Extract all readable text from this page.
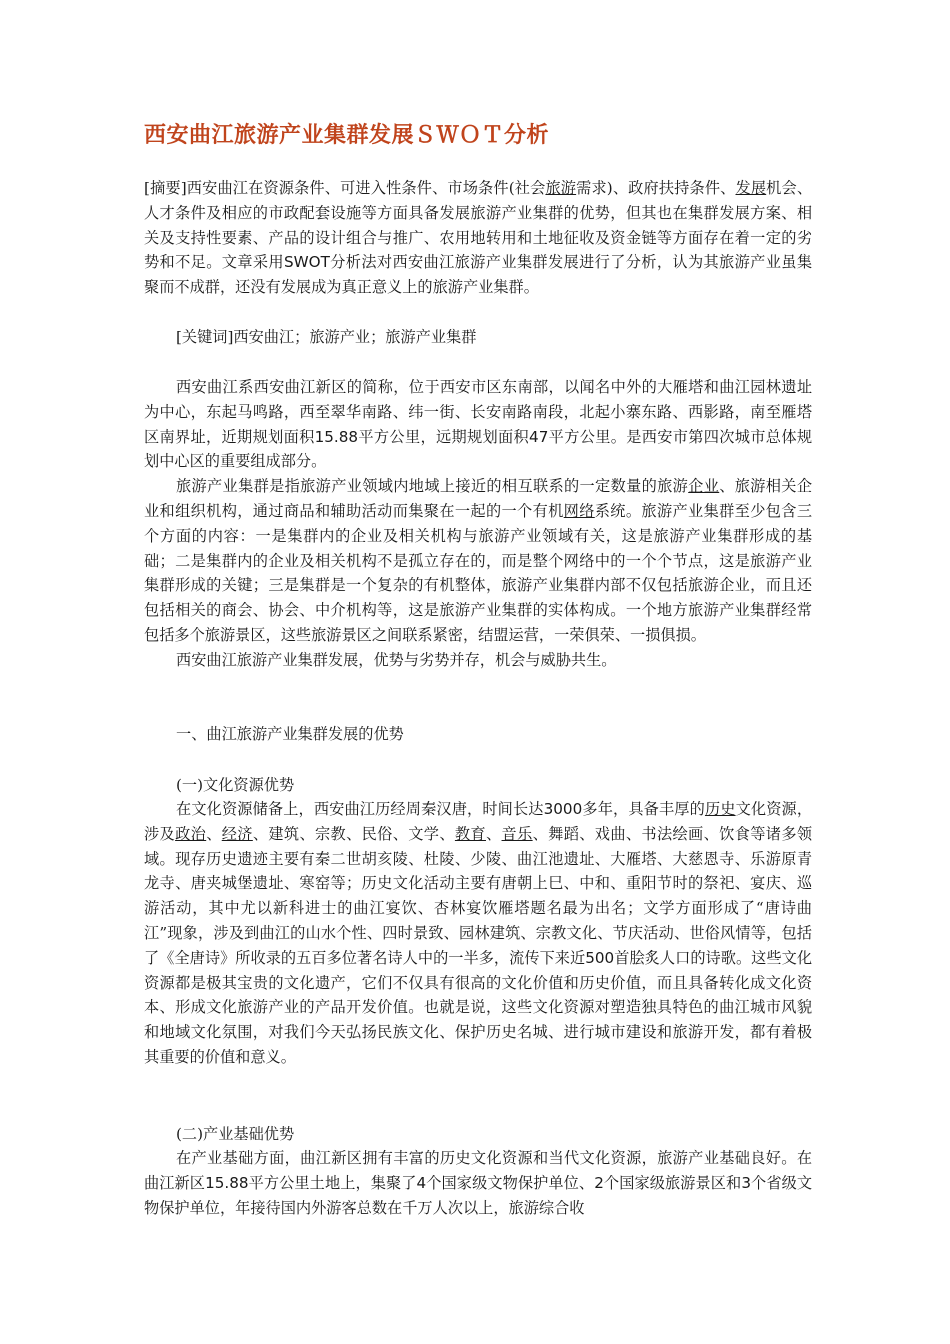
西安曲江旅游产业集群发展ＳＷＯＴ分析

[摘要]西安曲江在资源条件、可进入性条件、市场条件(社会旅游需求)、政府扶持条件、发展机会、人才条件及相应的市政配套设施等方面具备发展旅游产业集群的优势，但其也在集群发展方案、相关及支持性要素、产品的设计组合与推广、农用地转用和土地征收及资金链等方面存在着一定的劣势和不足。文章采用SWOT分析法对西安曲江旅游产业集群发展进行了分析，认为其旅游产业虽集聚而不成群，还没有发展成为真正意义上的旅游产业集群。

[关键词]西安曲江；旅游产业；旅游产业集群

西安曲江系西安曲江新区的简称，位于西安市区东南部，以闻名中外的大雁塔和曲江园林遗址为中心，东起马鸣路，西至翠华南路、纬一街、长安南路南段，北起小寨东路、西影路，南至雁塔区南界址，近期规划面积15.88平方公里，远期规划面积47平方公里。是西安市第四次城市总体规划中心区的重要组成部分。

旅游产业集群是指旅游产业领域内地域上接近的相互联系的一定数量的旅游企业、旅游相关企业和组织机构，通过商品和辅助活动而集聚在一起的一个有机网络系统。旅游产业集群至少包含三个方面的内容：一是集群内的企业及相关机构与旅游产业领域有关，这是旅游产业集群形成的基础；二是集群内的企业及相关机构不是孤立存在的，而是整个网络中的一个个节点，这是旅游产业集群形成的关键；三是集群是一个复杂的有机整体，旅游产业集群内部不仅包括旅游企业，而且还包括相关的商会、协会、中介机构等，这是旅游产业集群的实体构成。一个地方旅游产业集群经常包括多个旅游景区，这些旅游景区之间联系紧密，结盟运营，一荣俱荣、一损俱损。

西安曲江旅游产业集群发展，优势与劣势并存，机会与威胁共生。

一、曲江旅游产业集群发展的优势

(一)文化资源优势

在文化资源储备上，西安曲江历经周秦汉唐，时间长达3000多年，具备丰厚的历史文化资源，涉及政治、经济、建筑、宗教、民俗、文学、教育、音乐、舞蹈、戏曲、书法绘画、饮食等诸多领域。现存历史遗迹主要有秦二世胡亥陵、杜陵、少陵、曲江池遗址、大雁塔、大慈恩寺、乐游原青龙寺、唐夹城堡遗址、寒窑等；历史文化活动主要有唐朝上巳、中和、重阳节时的祭祀、宴庆、巡游活动，其中尤以新科进士的曲江宴饮、杏林宴饮雁塔题名最为出名；文学方面形成了“唐诗曲江”现象，涉及到曲江的山水个性、四时景致、园林建筑、宗教文化、节庆活动、世俗风情等，包括了《全唐诗》所收录的五百多位著名诗人中的一半多，流传下来近500首脍炙人口的诗歌。这些文化资源都是极其宝贵的文化遗产，它们不仅具有很高的文化价值和历史价值，而且具备转化成文化资本、形成文化旅游产业的产品开发价值。也就是说，这些文化资源对塑造独具特色的曲江城市风貌和地域文化氛围，对我们今天弘扬民族文化、保护历史名城、进行城市建设和旅游开发，都有着极其重要的价值和意义。

(二)产业基础优势

在产业基础方面，曲江新区拥有丰富的历史文化资源和当代文化资源，旅游产业基础良好。在曲江新区15.88平方公里土地上，集聚了4个国家级文物保护单位、2个国家级旅游景区和3个省级文物保护单位，年接待国内外游客总数在千万人次以上，旅游综合收
